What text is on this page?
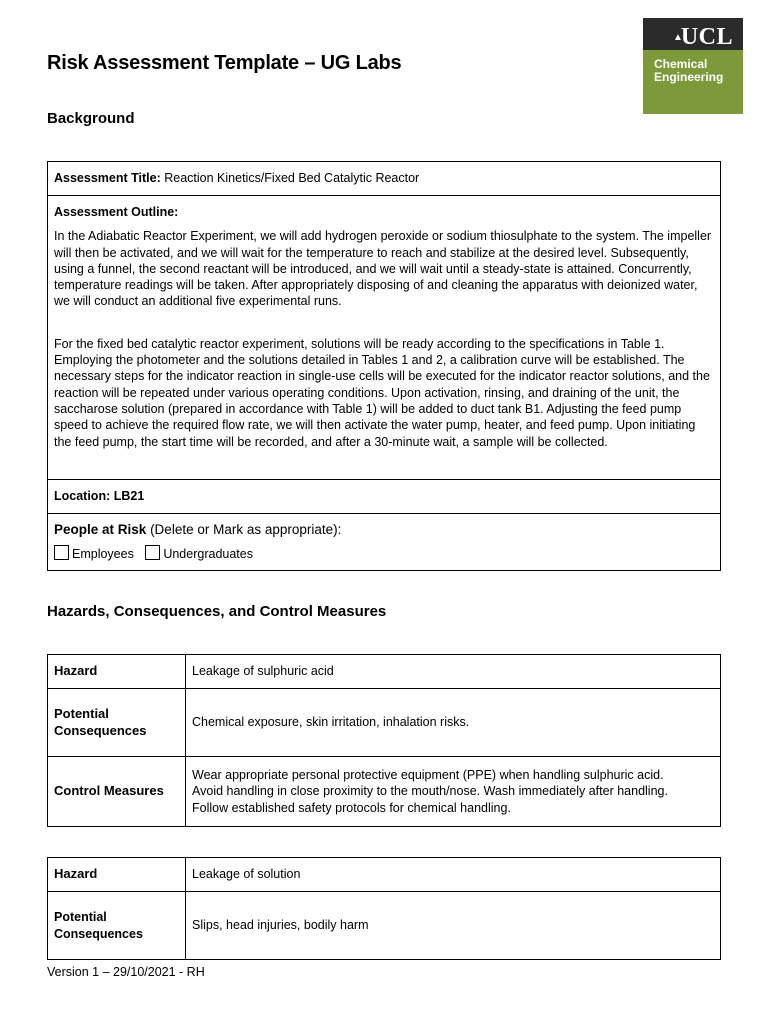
Risk Assessment Template – UG Labs
▲
UCL
Chemical
Engineering
Background
Assessment Title: Reaction Kinetics/Fixed Bed Catalytic Reactor

Assessment Outline:

In the Adiabatic Reactor Experiment, we will add hydrogen peroxide or sodium thiosulphate to the system. The impeller will then be activated, and we will wait for the temperature to reach and stabilize at the desired level. Subsequently, using a funnel, the second reactant will be introduced, and we will wait until a steady-state is attained. Concurrently, temperature readings will be taken. After appropriately disposing of and cleaning the apparatus with deionized water, we will conduct an additional five experimental runs.

For the fixed bed catalytic reactor experiment, solutions will be ready according to the specifications in Table 1. Employing the photometer and the solutions detailed in Tables 1 and 2, a calibration curve will be established. The necessary steps for the indicator reaction in single-use cells will be executed for the indicator reactor solutions, and the reaction will be repeated under various operating conditions. Upon activation, rinsing, and draining of the unit, the saccharose solution (prepared in accordance with Table 1) will be added to duct tank B1. Adjusting the feed pump speed to achieve the required flow rate, we will then activate the water pump, heater, and feed pump. Upon initiating the feed pump, the start time will be recorded, and after a 30-minute wait, a sample will be collected.

Location: LB21

People at Risk (Delete or Mark as appropriate):
Employees Undergraduates
Hazards, Consequences, and Control Measures
Hazard	Leakage of sulphuric acid

Potential
Consequences	Chemical exposure, skin irritation, inhalation risks.
Control Measures	Wear appropriate personal protective equipment (PPE) when handling sulphuric acid.
Avoid handling in close proximity to the mouth/nose. Wash immediately after handling.
Follow established safety protocols for chemical handling.
Hazard	Leakage of solution

Potential
Consequences	Slips, head injuries, bodily harm
Version 1 – 29/10/2021 - RH
